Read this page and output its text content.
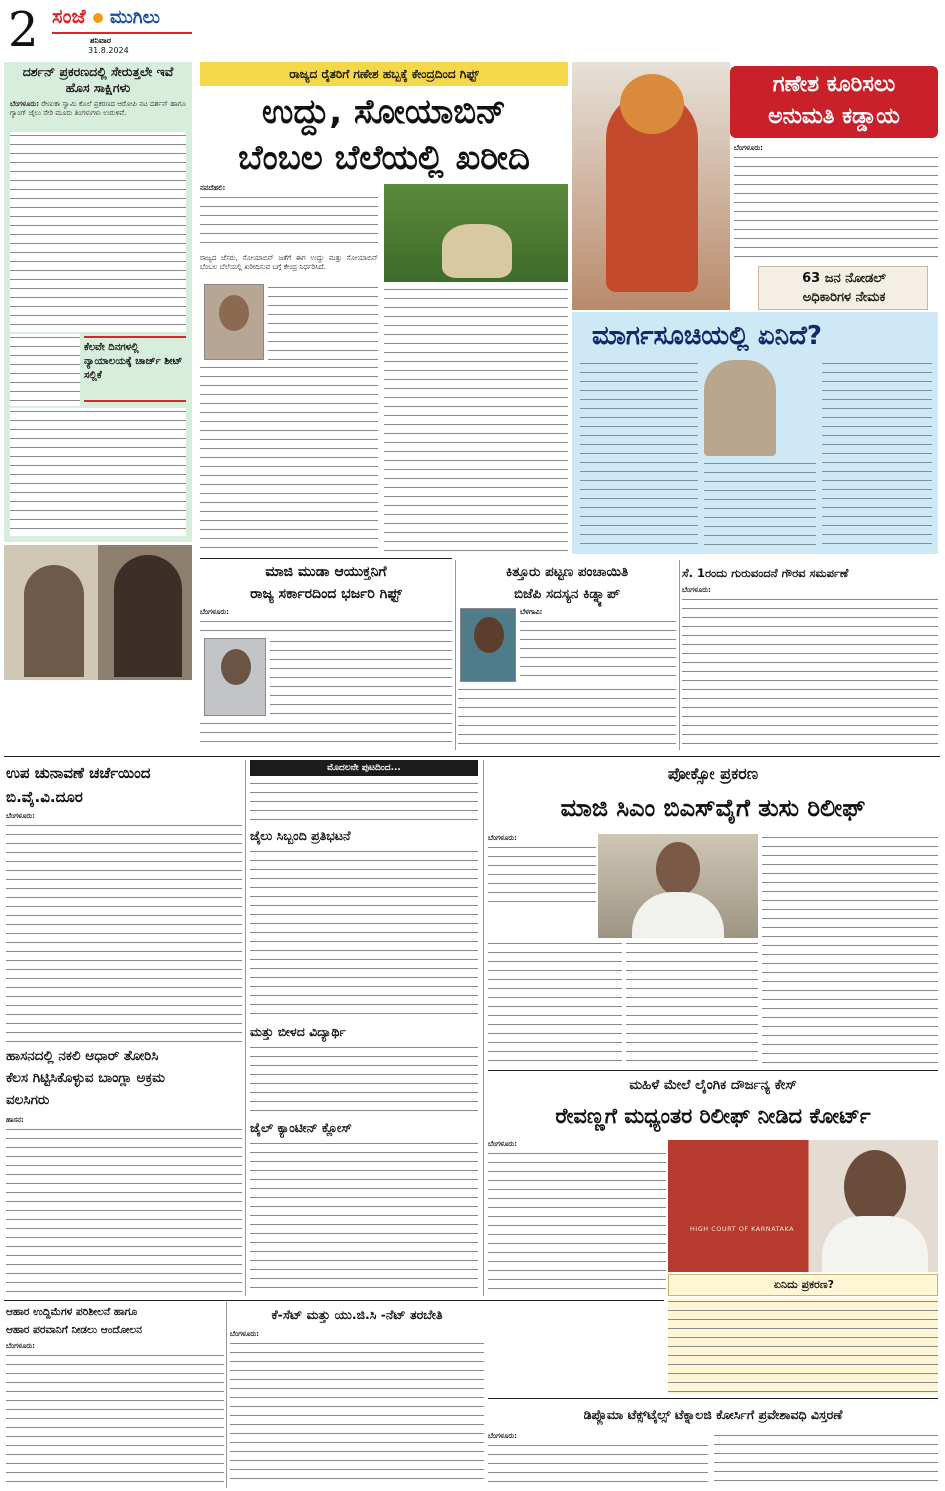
2 ಸಂಜೆ ಮುಗಿಲು
ಶನಿವಾರ
31.8.2024
ದರ್ಶನ್ ಪ್ರಕರಣದಲ್ಲಿ ಸೇರುತ್ತಲೇ ಇವೆ ಹೊಸ ಸಾಕ್ಷಿಗಳು
ಬೆಂಗಳೂರು: ರೇಣುಕಾ ಸ್ವಾಮಿ ಕೊಲೆ ಪ್ರಕರಣದ ಆರೋಪಿ ನಟ ದರ್ಶನ್ ಹಾಗೂ ಗ್ಯಾಂಗ್ ಜೈಲು ಸೇರಿ ಮೂರು ತಿಂಗಳುಗಳು ಉರುಳಿವೆ.
ಕೆಲವೇ ದಿನಗಳಲ್ಲಿ ನ್ಯಾಯಾಲಯಕ್ಕೆ ಚಾರ್ಜ್ ಶೀಟ್ ಸಲ್ಲಿಕೆ
ರಾಜ್ಯದ ರೈತರಿಗೆ ಗಣೇಶ ಹಬ್ಬಕ್ಕೆ ಕೇಂದ್ರದಿಂದ ಗಿಫ್ಟ್
ಉದ್ದು, ಸೋಯಾಬಿನ್
ಬೆಂಬಲ ಬೆಲೆಯಲ್ಲಿ ಖರೀದಿ
ನವದೆಹಲಿ:
ರಾಜ್ಯದ ಜೆಸರು, ಸೋಯಾಬಿನ್ ಜತೆಗೆ ಈಗ ಉದ್ದು ಮತ್ತು ಸೋಯಾಬಿನ್ ಬೆಂಬಲ ಬೆಲೆಯಲ್ಲಿ ಖರೀದಿಸುವ ಬಗ್ಗೆ ಕೇಂದ್ರ ನಿರ್ಧರಿಸಿದೆ.
ಗಣೇಶ ಕೂರಿಸಲು
ಅನುಮತಿ ಕಡ್ಡಾಯ
ಬೆಂಗಳೂರು:
63 ಜನ ನೋಡಲ್
ಅಧಿಕಾರಿಗಳ ನೇಮಕ
ಮಾರ್ಗಸೂಚಿಯಲ್ಲಿ ಏನಿದೆ?
ಮಾಜಿ ಮುಡಾ ಆಯುಕ್ತನಿಗೆ
ರಾಜ್ಯ ಸರ್ಕಾರದಿಂದ ಭರ್ಜರಿ ಗಿಫ್ಟ್
ಬೆಂಗಳೂರು:
ಕಿತ್ತೂರು ಪಟ್ಟಣ ಪಂಚಾಯಿತಿ
ಬಿಜೆಪಿ ಸದಸ್ಯನ ಕಿಡ್ನ್ಯಾಪ್
ಬೆಳಗಾವಿ:
ಸೆ. 1ರಂದು ಗುರುವಂದನೆ ಗೌರವ ಸಮರ್ಪಣೆ
ಬೆಂಗಳೂರು:
ಉಪ ಚುನಾವಣೆ ಚರ್ಚೆಯಿಂದ
ಬಿ.ವೈ.ವಿ.ದೂರ
ಬೆಂಗಳೂರು:
ಹಾಸನದಲ್ಲಿ ನಕಲಿ ಆಧಾರ್ ತೋರಿಸಿ
ಕೆಲಸ ಗಿಟ್ಟಿಸಿಕೊಳ್ಳುವ ಬಾಂಗ್ಲಾ ಅಕ್ರಮ
ವಲಸಿಗರು
ಹಾಸನ:
ಮೊದಲನೇ ಪುಟದಿಂದ...
ಜೈಲು ಸಿಬ್ಬಂದಿ ಪ್ರತಿಭಟನೆ
ಮತ್ತು ಬೀಳದ ವಿದ್ಯಾರ್ಥಿ
ಜೈಲ್ ಕ್ಯಾಂಟೀನ್ ಕ್ಲೋಸ್
ಪೋಕ್ಸೋ ಪ್ರಕರಣ
ಮಾಜಿ ಸಿಎಂ ಬಿಎಸ್‌ವೈಗೆ ತುಸು ರಿಲೀಫ್
ಬೆಂಗಳೂರು:
ಮಹಿಳೆ ಮೇಲೆ ಲೈಂಗಿಕ ದೌರ್ಜನ್ಯ ಕೇಸ್
ರೇವಣ್ಣಗೆ ಮಧ್ಯಂತರ ರಿಲೀಫ್ ನೀಡಿದ ಕೋರ್ಟ್
ಬೆಂಗಳೂರು:
HIGH COURT OF KARNATAKA
ಏನಿದು ಪ್ರಕರಣ?
ಆಹಾರ ಉದ್ದಿಮೆಗಳ ಪರಿಶೀಲನೆ ಹಾಗೂ
ಆಹಾರ ಪರವಾನಿಗೆ ನೀಡಲು ಆಂದೋಲನ
ಬೆಂಗಳೂರು:
ಕೆ-ಸೆಟ್ ಮತ್ತು ಯು.ಜಿ.ಸಿ -ನೆಟ್ ತರಬೇತಿ
ಬೆಂಗಳೂರು:
ಡಿಪ್ಲೊಮಾ ಟೆಕ್ಸ್‌ಟೈಲ್ಸ್ ಟೆಕ್ನಾಲಜಿ ಕೋರ್ಸಿಗೆ ಪ್ರವೇಶಾವಧಿ ವಿಸ್ತರಣೆ
ಬೆಂಗಳೂರು:
